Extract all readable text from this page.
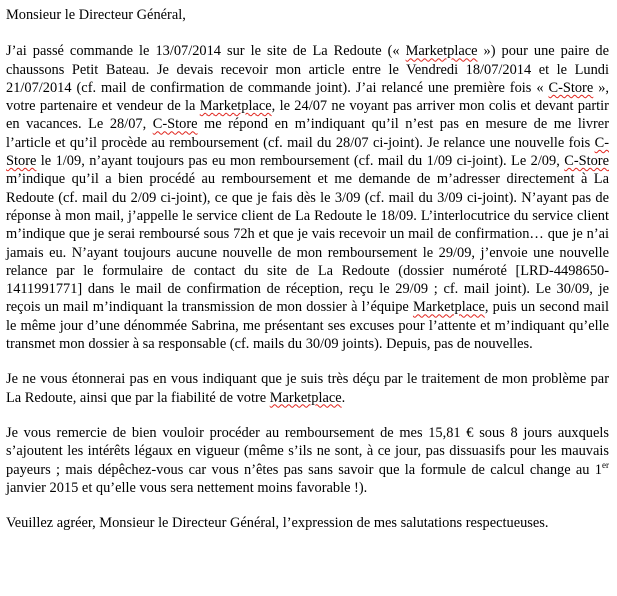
Monsieur le Directeur Général,

J’ai passé commande le 13/07/2014 sur le site de La Redoute (« Marketplace ») pour une paire de chaussons Petit Bateau. Je devais recevoir mon article entre le Vendredi 18/07/2014 et le Lundi 21/07/2014 (cf. mail de confirmation de commande joint). J’ai relancé une première fois « C-Store », votre partenaire et vendeur de la Marketplace, le 24/07 ne voyant pas arriver mon colis et devant partir en vacances. Le 28/07, C-Store me répond en m’indiquant qu’il n’est pas en mesure de me livrer l’article et qu’il procède au remboursement (cf. mail du 28/07 ci-joint). Je relance une nouvelle fois C-Store le 1/09, n’ayant toujours pas eu mon remboursement (cf. mail du 1/09 ci-joint). Le 2/09, C-Store m’indique qu’il a bien procédé au remboursement et me demande de m’adresser directement à La Redoute (cf. mail du 2/09 ci-joint), ce que je fais dès le 3/09 (cf. mail du 3/09 ci-joint). N’ayant pas de réponse à mon mail, j’appelle le service client de La Redoute le 18/09. L’interlocutrice du service client m’indique que je serai remboursé sous 72h et que je vais recevoir un mail de confirmation… que je n’ai jamais eu. N’ayant toujours aucune nouvelle de mon remboursement le 29/09, j’envoie une nouvelle relance par le formulaire de contact du site de La Redoute (dossier numéroté [LRD-4498650-1411991771] dans le mail de confirmation de réception, reçu le 29/09 ; cf. mail joint). Le 30/09, je reçois un mail m’indiquant la transmission de mon dossier à l’équipe Marketplace, puis un second mail le même jour d’une dénommée Sabrina, me présentant ses excuses pour l’attente et m’indiquant qu’elle transmet mon dossier à sa responsable (cf. mails du 30/09 joints). Depuis, pas de nouvelles.

Je ne vous étonnerai pas en vous indiquant que je suis très déçu par le traitement de mon problème par La Redoute, ainsi que par la fiabilité de votre Marketplace.

Je vous remercie de bien vouloir procéder au remboursement de mes 15,81 € sous 8 jours auxquels s’ajoutent les intérêts légaux en vigueur (même s’ils ne sont, à ce jour, pas dissuasifs pour les mauvais payeurs ; mais dépêchez-vous car vous n’êtes pas sans savoir que la formule de calcul change au 1er janvier 2015 et qu’elle vous sera nettement moins favorable !).

Veuillez agréer, Monsieur le Directeur Général, l’expression de mes salutations respectueuses.
